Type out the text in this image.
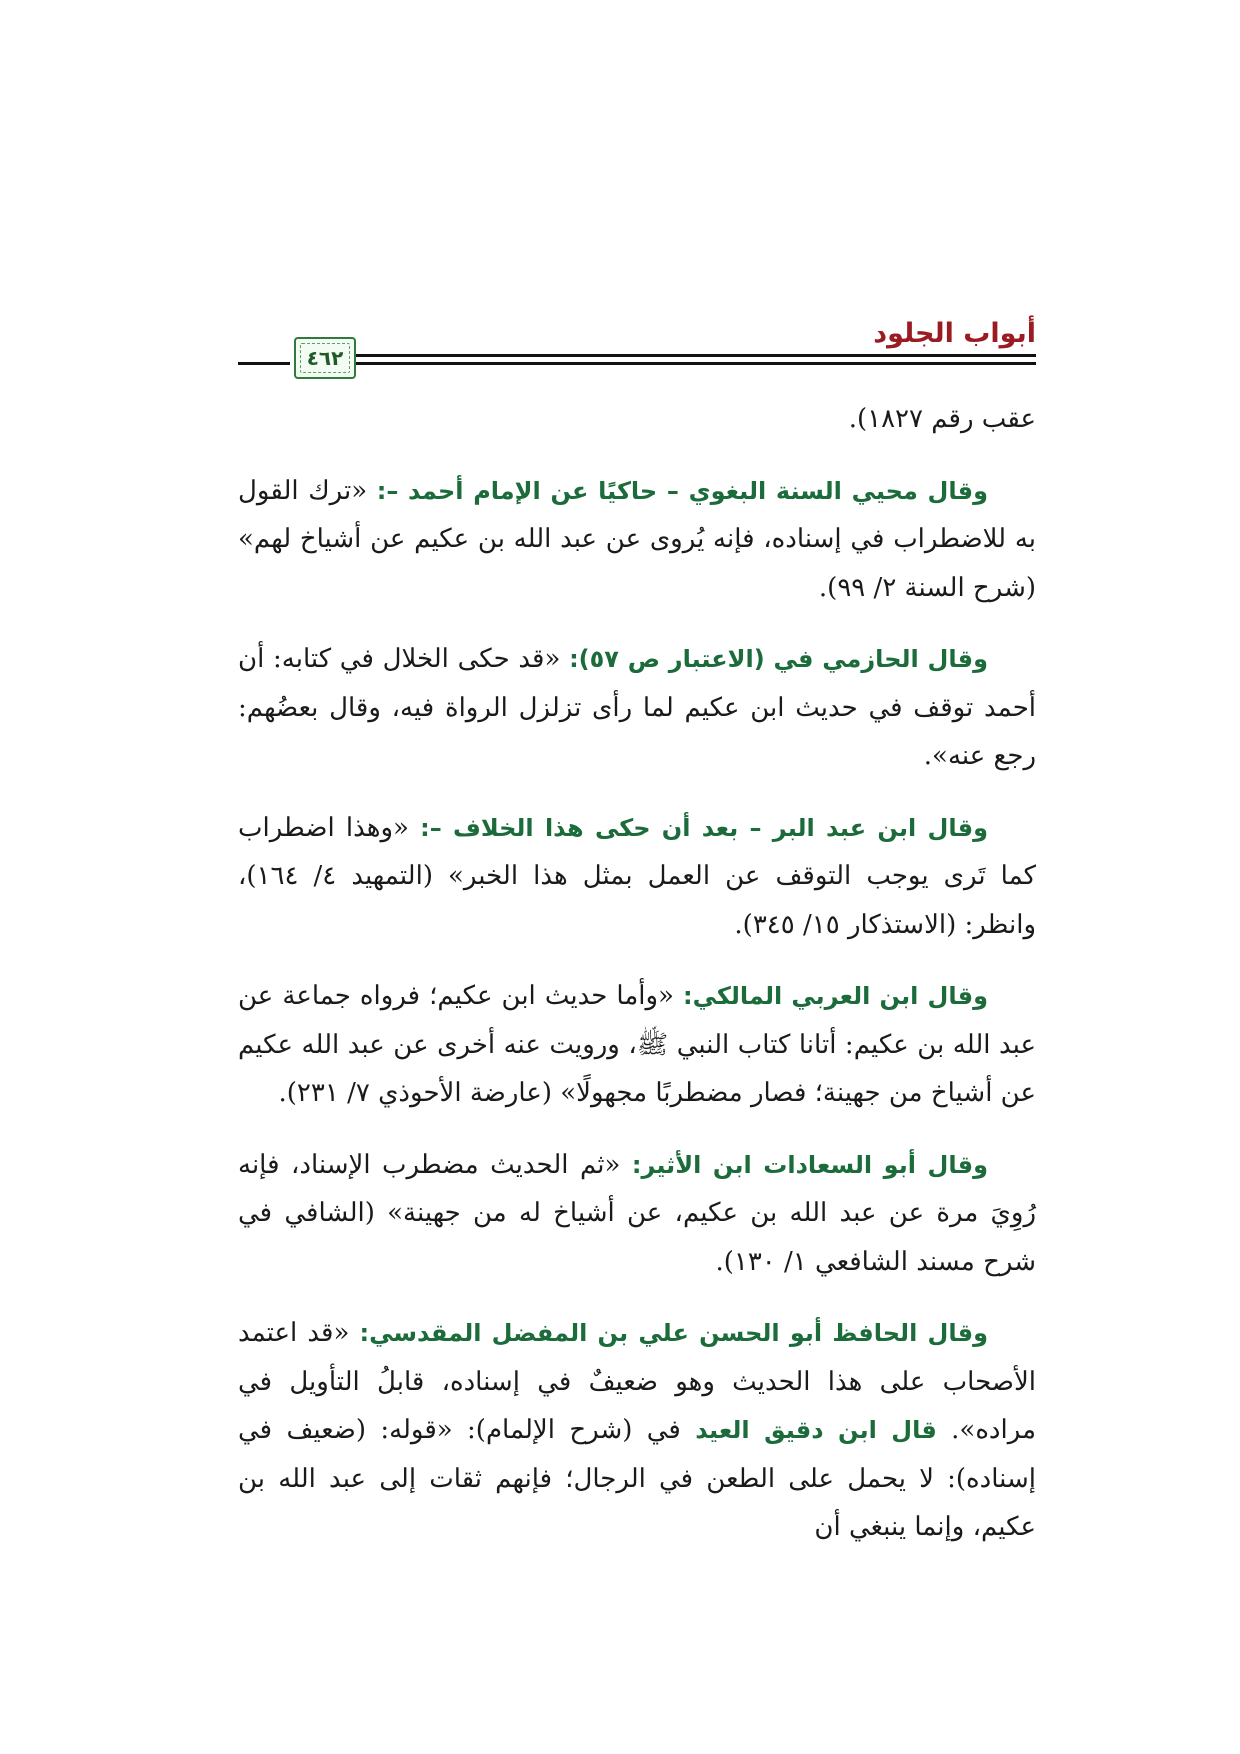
أبواب الجلود
٤٦٢

عقب رقم ١٨٢٧).

وقال محيي السنة البغوي – حاكيًا عن الإمام أحمد –: «ترك القول به للاضطراب في إسناده، فإنه يُروى عن عبد الله بن عكيم عن أشياخ لهم» (شرح السنة ٢/ ٩٩).

وقال الحازمي في (الاعتبار ص ٥٧): «قد حكى الخلال في كتابه: أن أحمد توقف في حديث ابن عكيم لما رأى تزلزل الرواة فيه، وقال بعضُهم: رجع عنه».

وقال ابن عبد البر – بعد أن حكى هذا الخلاف –: «وهذا اضطراب كما تَرى يوجب التوقف عن العمل بمثل هذا الخبر» (التمهيد ٤/ ١٦٤)، وانظر: (الاستذكار ١٥/ ٣٤٥).

وقال ابن العربي المالكي: «وأما حديث ابن عكيم؛ فرواه جماعة عن عبد الله بن عكيم: أتانا كتاب النبي ﷺ، ورويت عنه أخرى عن عبد الله عكيم عن أشياخ من جهينة؛ فصار مضطربًا مجهولًا» (عارضة الأحوذي ٧/ ٢٣١).

وقال أبو السعادات ابن الأثير: «ثم الحديث مضطرب الإسناد، فإنه رُوِيَ مرة عن عبد الله بن عكيم، عن أشياخ له من جهينة» (الشافي في شرح مسند الشافعي ١/ ١٣٠).

وقال الحافظ أبو الحسن علي بن المفضل المقدسي: «قد اعتمد الأصحاب على هذا الحديث وهو ضعيفٌ في إسناده، قابلُ التأويل في مراده». قال ابن دقيق العيد في (شرح الإلمام): «قوله: (ضعيف في إسناده): لا يحمل على الطعن في الرجال؛ فإنهم ثقات إلى عبد الله بن عكيم، وإنما ينبغي أن
